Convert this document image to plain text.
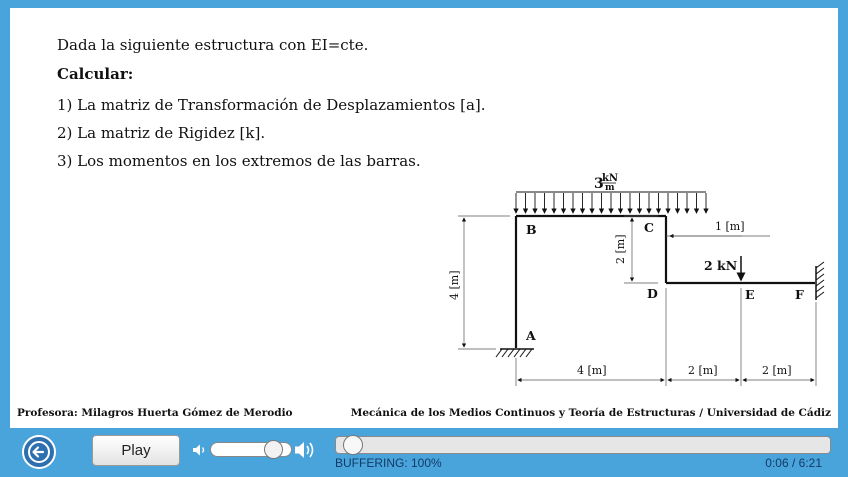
Dada la siguiente estructura con EI=cte.
Calcular:
1) La matriz de Transformación de Desplazamientos [a].
2) La matriz de Rigidez [k].
3) Los momentos en los extremos de las barras.
3
kN
m
2 kN
B	C
D	E	F
A
4 [m]
2 [m]
1 [m]
4 [m]	2 [m]	2 [m]
Profesora: Milagros Huerta Gómez de Merodio	Mecánica de los Medios Continuos y Teoría de Estructuras / Universidad de Cádiz
Play
BUFFERING: 100%	0:06 / 6:21
